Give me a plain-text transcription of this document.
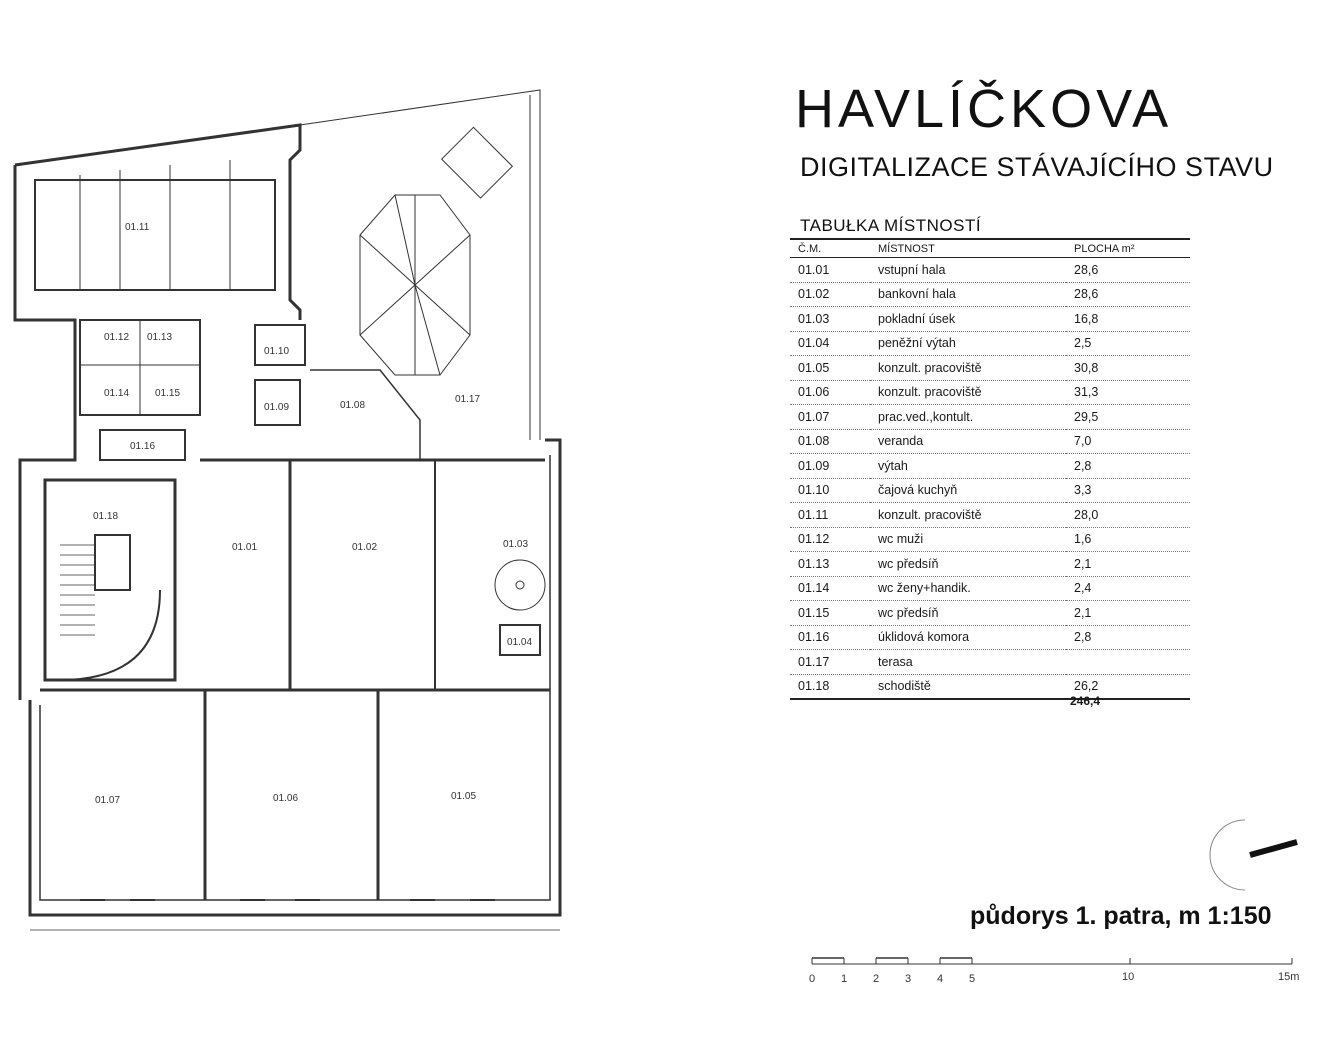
01.11
01.12 01.13
01.14	01.15
01.10
01.09	01.08
01.17
01.16
01.18
01.01	01.02	01.03
01.04
01.07	01.06	01.05
HAVLÍČKOVA
DIGITALIZACE STÁVAJÍCÍHO STAVU
TABUŁKA MÍSTNOSTÍ
Č.M.	MÍSTNOST	PLOCHA m²
01.01	vstupní hala	28,6
01.02	bankovní hala	28,6
01.03	pokladní úsek	16,8
01.04	peněžní výtah	2,5
01.05	konzult. pracoviště	30,8
01.06	konzult. pracoviště	31,3
01.07	prac.ved.,kontult.	29,5
01.08	veranda	7,0
01.09	výtah	2,8
01.10	čajová kuchyň	3,3
01.11	konzult. pracoviště	28,0
01.12	wc muži	1,6
01.13	wc předsíň	2,1
01.14	wc ženy+handik.	2,4
01.15	wc předsíň	2,1
01.16	úklidová komora	2,8
01.17	terasa	
01.18	schodiště	26,2
246,4
půdorys 1. patra, m 1:150
0 1 2 3 4 5	10	15m
